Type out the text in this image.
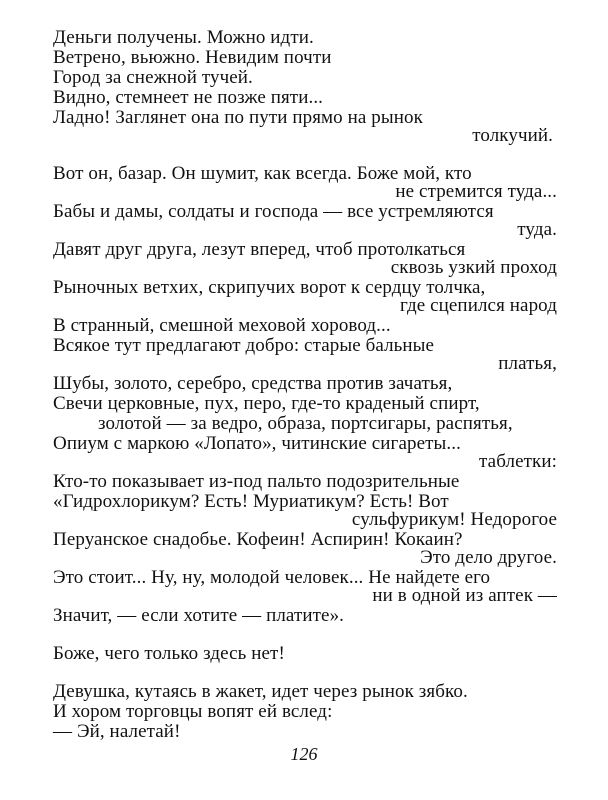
Деньги получены. Можно идти.
Ветрено, вьюжно. Невидим почти
Город за снежной тучей.
Видно, стемнеет не позже пяти...
Ладно! Заглянет она по пути прямо на рынок
толкучий.
Вот он, базар. Он шумит, как всегда. Боже мой, кто
не стремится туда...
Бабы и дамы, солдаты и господа — все устремляются
туда.
Давят друг друга, лезут вперед, чтоб протолкаться
сквозь узкий проход
Рыночных ветхих, скрипучих ворот к сердцу толчка,
где сцепился народ
В странный, смешной меховой хоровод...
Всякое тут предлагают добро: старые бальные
платья,
Шубы, золото, серебро, средства против зачатья,
Свечи церковные, пух, перо, где-то краденый спирт,
золотой — за ведро, образа, портсигары, распятья,
Опиум с маркою «Лопато», читинские сигареты...
таблетки:
Кто-то показывает из-под пальто подозрительные
«Гидрохлорикум? Есть! Муриатикум? Есть! Вот
сульфурикум! Недорогое
Перуанское снадобье. Кофеин! Аспирин! Кокаин?
Это дело другое.
Это стоит... Ну, ну, молодой человек... Не найдете его
ни в одной из аптек —
Значит, — если хотите — платите».
Боже, чего только здесь нет!
Девушка, кутаясь в жакет, идет через рынок зябко.
И хором торговцы вопят ей вслед:
— Эй, налетай!
126
